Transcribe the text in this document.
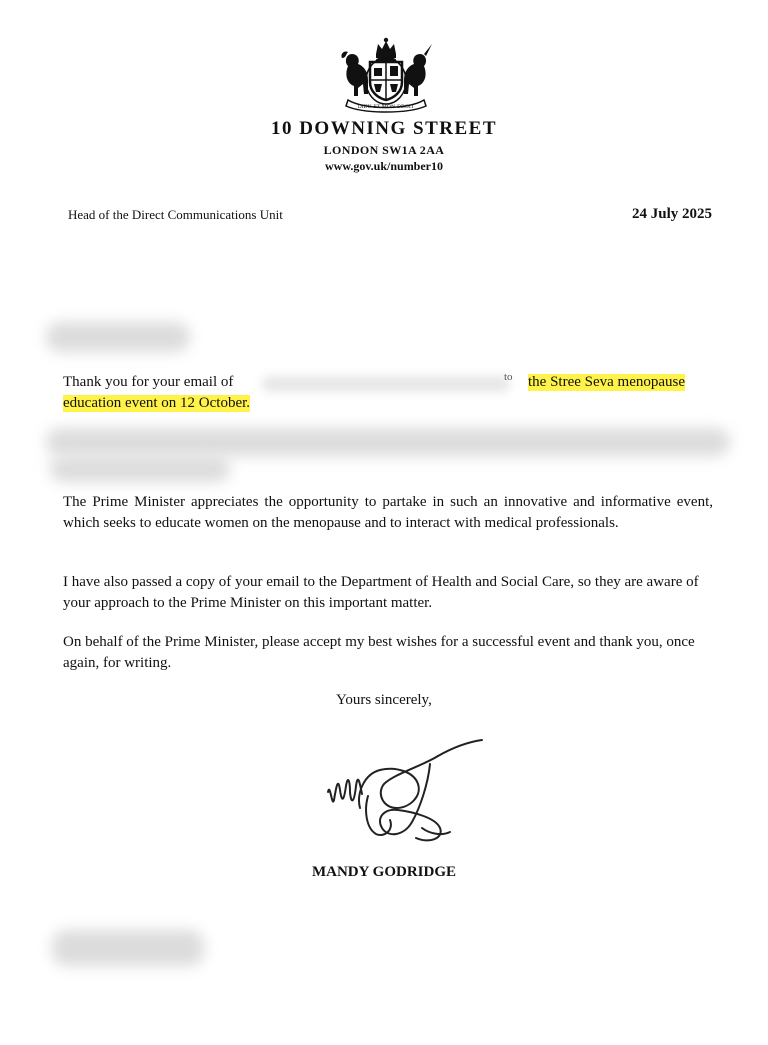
DIEU ET MON DROIT
10 DOWNING STREET
LONDON SW1A 2AA
www.gov.uk/number10
Head of the Direct Communications Unit	24 July 2025
Thank you for your email of	to the Stree Seva menopause
education event on 12 October.
The Prime Minister appreciates the opportunity to partake in such an innovative and informative event, which seeks to educate women on the menopause and to interact with medical professionals.
I have also passed a copy of your email to the Department of Health and Social Care, so they are aware of your approach to the Prime Minister on this important matter.
On behalf of the Prime Minister, please accept my best wishes for a successful event and thank you, once again, for writing.
Yours sincerely,
MANDY GODRIDGE
